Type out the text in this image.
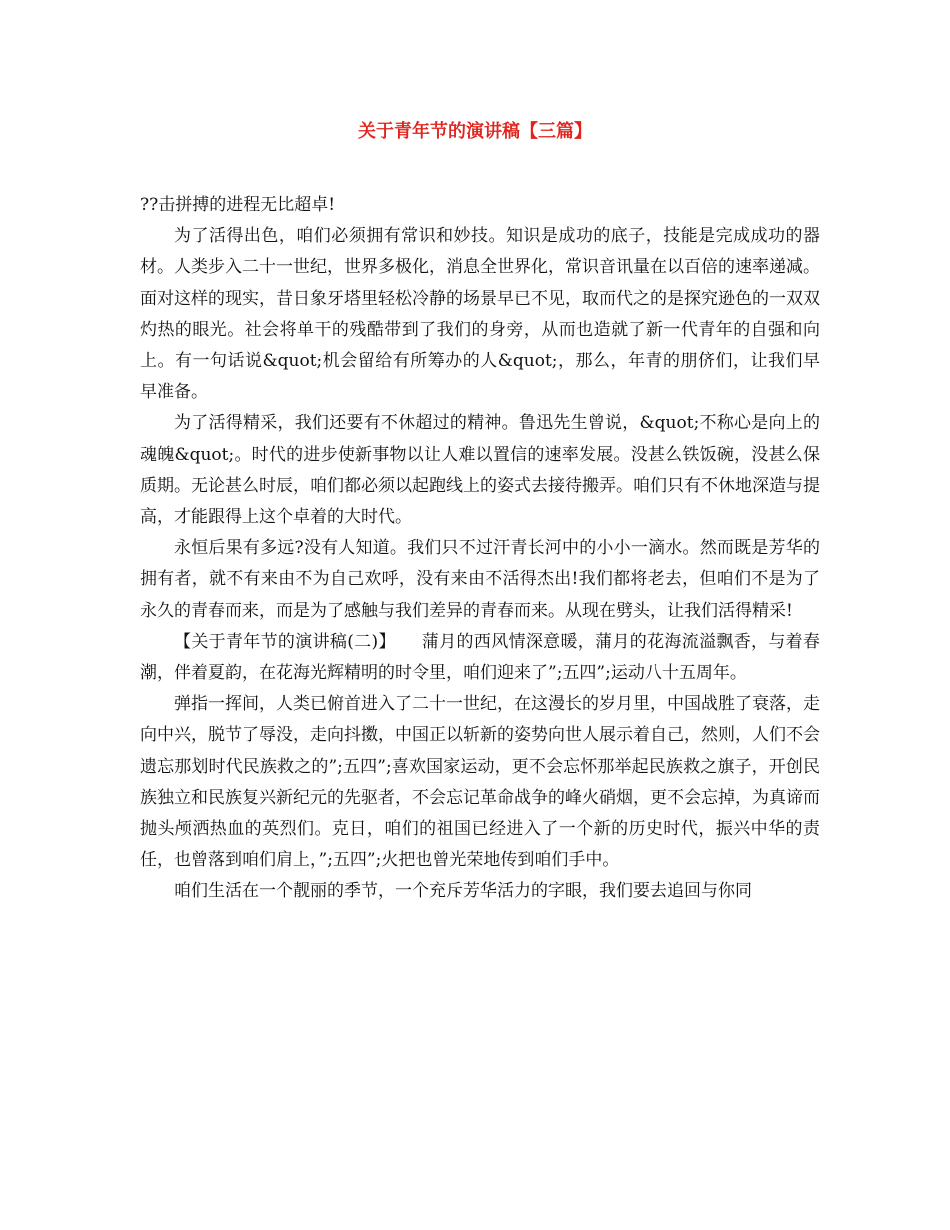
关于青年节的演讲稿【三篇】

??击拼搏的进程无比超卓!

为了活得出色，咱们必须拥有常识和妙技。知识是成功的底子，技能是完成成功的器材。人类步入二十一世纪，世界多极化，消息全世界化，常识音讯量在以百倍的速率递减。面对这样的现实，昔日象牙塔里轻松冷静的场景早已不见，取而代之的是探究逊色的一双双灼热的眼光。社会将单干的残酷带到了我们的身旁，从而也造就了新一代青年的自强和向上。有一句话说&quot;机会留给有所筹办的人&quot;，那么，年青的朋侪们，让我们早早准备。

为了活得精采，我们还要有不休超过的精神。鲁迅先生曾说，&quot;不称心是向上的魂魄&quot;。时代的进步使新事物以让人难以置信的速率发展。没甚么铁饭碗，没甚么保质期。无论甚么时辰，咱们都必须以起跑线上的姿式去接待搬弄。咱们只有不休地深造与提高，才能跟得上这个卓着的大时代。

永恒后果有多远?没有人知道。我们只不过汗青长河中的小小一滴水。然而既是芳华的拥有者，就不有来由不为自己欢呼，没有来由不活得杰出!我们都将老去，但咱们不是为了永久的青春而来，而是为了感触与我们差异的青春而来。从现在劈头，让我们活得精采!

【关于青年节的演讲稿(二)】　　蒲月的西风情深意暖，蒲月的花海流溢飘香，与着春潮，伴着夏韵，在花海光辉精明的时令里，咱们迎来了”;五四”;运动八十五周年。

弹指一挥间，人类已俯首进入了二十一世纪，在这漫长的岁月里，中国战胜了衰落，走向中兴，脱节了辱没，走向抖擞，中国正以斩新的姿势向世人展示着自己，然则，人们不会遗忘那划时代民族救之的”;五四”;喜欢国家运动，更不会忘怀那举起民族救之旗子，开创民族独立和民族复兴新纪元的先驱者，不会忘记革命战争的峰火硝烟，更不会忘掉，为真谛而抛头颅洒热血的英烈们。克日，咱们的祖国已经进入了一个新的历史时代，振兴中华的责任，也曾落到咱们肩上，”;五四”;火把也曾光荣地传到咱们手中。

咱们生活在一个靓丽的季节，一个充斥芳华活力的字眼，我们要去追回与你同
